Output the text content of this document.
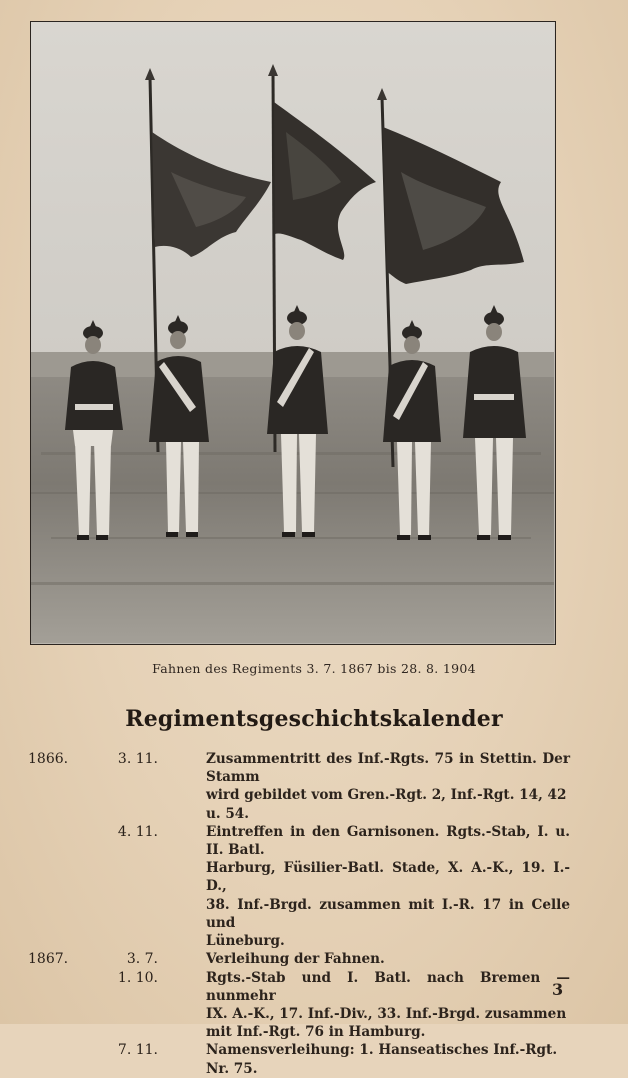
Fahnen des Regiments 3. 7. 1867 bis 28. 8. 1904
Regimentsgeschichtskalender
1866.	3. 11.	Zusammentritt des Inf.-Rgts. 75 in Stettin. Der Stamm
wird gebildet vom Gren.-Rgt. 2, Inf.-Rgt. 14, 42 u. 54.
4. 11.	Eintreffen in den Garnisonen. Rgts.-Stab, I. u. II. Batl.
Harburg, Füsilier-Batl. Stade, X. A.-K., 19. I.-D.,
38. Inf.-Brgd. zusammen mit I.-R. 17 in Celle und
Lüneburg.
1867.	3. 7.	Verleihung der Fahnen.
1. 10.	Rgts.-Stab und I. Batl. nach Bremen — nunmehr
IX. A.-K., 17. Inf.-Div., 33. Inf.-Brgd. zusammen
mit Inf.-Rgt. 76 in Hamburg.
7. 11.	Namensverleihung: 1. Hanseatisches Inf.-Rgt. Nr. 75.
3
